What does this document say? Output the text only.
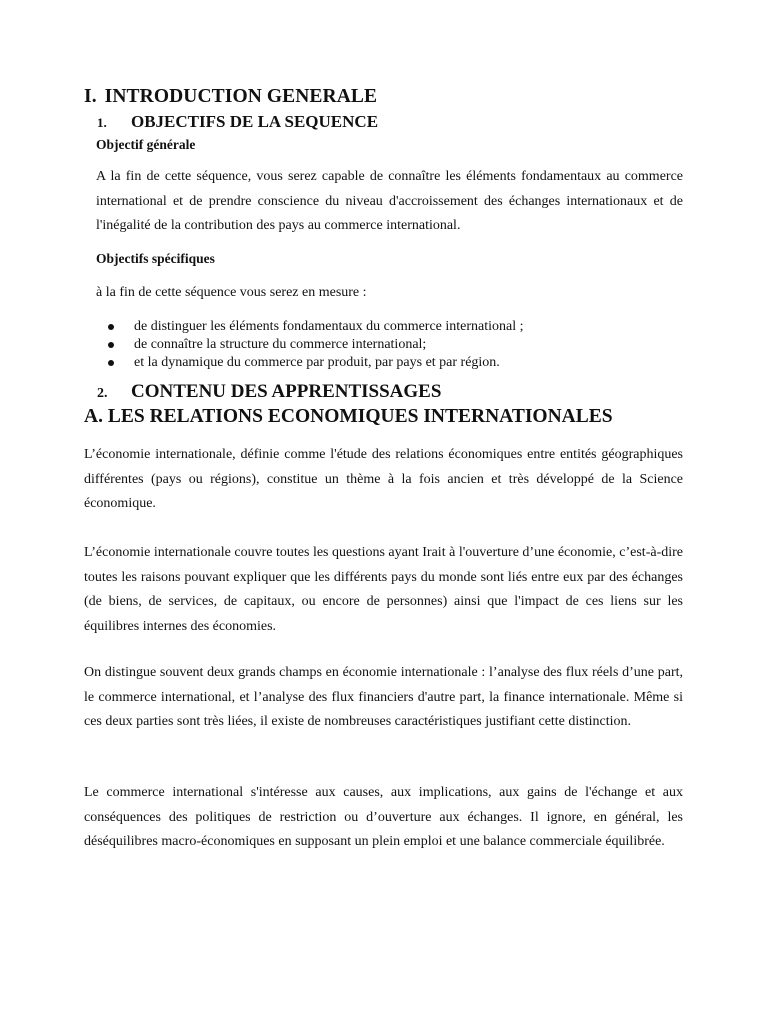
I. INTRODUCTION GENERALE
1. OBJECTIFS DE LA SEQUENCE
Objectif générale

A la fin de cette séquence, vous serez capable de connaître les éléments fondamentaux au commerce international et de prendre conscience du niveau d'accroissement des échanges internationaux et de l'inégalité de la contribution des pays au commerce international.

Objectifs spécifiques
à la fin de cette séquence vous serez en mesure :
de distinguer les éléments fondamentaux du commerce international ;
de connaître la structure du commerce international;
et la dynamique du commerce par produit, par pays et par région.
2. CONTENU DES APPRENTISSAGES
A. LES RELATIONS ECONOMIQUES INTERNATIONALES

L’économie internationale, définie comme l'étude des relations économiques entre entités géographiques différentes (pays ou régions), constitue un thème à la fois ancien et très développé de la Science économique.

L’économie internationale couvre toutes les questions ayant Irait à l'ouverture d’une économie, c’est-à-dire toutes les raisons pouvant expliquer que les différents pays du monde sont liés entre eux par des échanges (de biens, de services, de capitaux, ou encore de personnes) ainsi que l'impact de ces liens sur les équilibres internes des économies.

On distingue souvent deux grands champs en économie internationale : l’analyse des flux réels d’une part, le commerce international, et l’analyse des flux financiers d'autre part, la finance internationale. Même si ces deux parties sont très liées, il existe de nombreuses caractéristiques justifiant cette distinction.

Le commerce international s'intéresse aux causes, aux implications, aux gains de l'échange et aux conséquences des politiques de restriction ou d’ouverture aux échanges. Il ignore, en général, les déséquilibres macro-économiques en supposant un plein emploi et une balance commerciale équilibrée.
